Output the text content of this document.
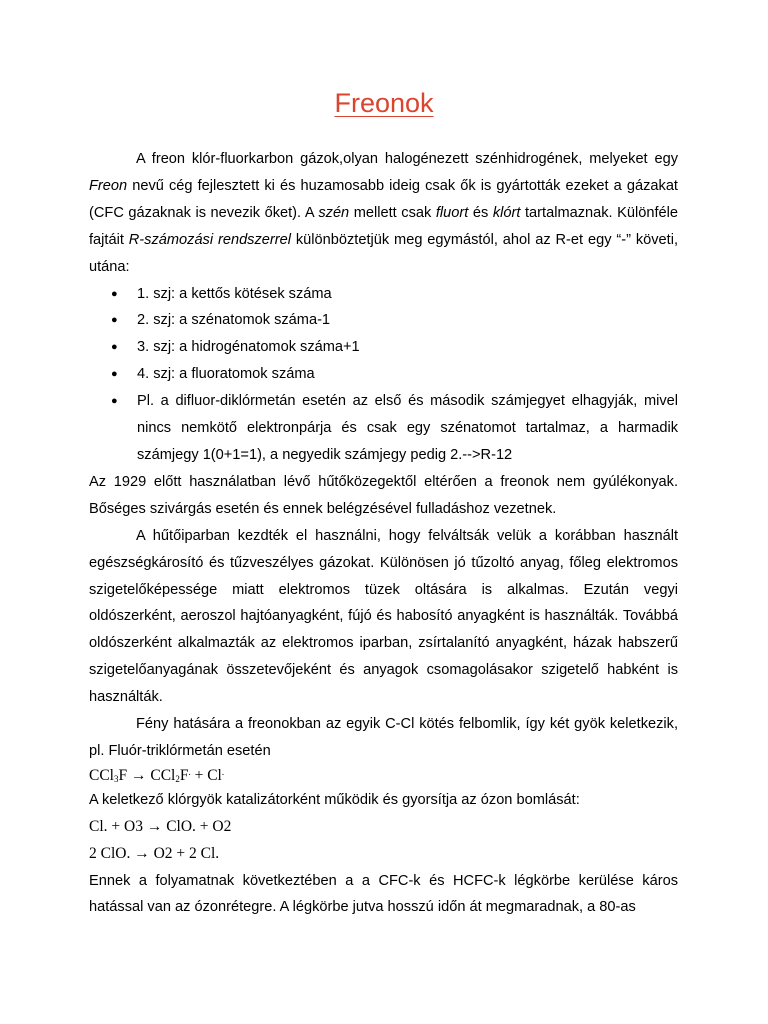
Freonok

A freon klór-fluorkarbon gázok,olyan halogénezett szénhidrogének, melyeket egy Freon nevű cég fejlesztett ki és huzamosabb ideig csak ők is gyártották ezeket a gázakat (CFC gázaknak is nevezik őket). A szén mellett csak fluort és klórt tartalmaznak. Különféle fajtáit R-számozási rendszerrel különböztetjük meg egymástól, ahol az R-et egy “-” követi, utána:

● 1. szj: a kettős kötések száma
● 2. szj: a szénatomok száma-1
● 3. szj: a hidrogénatomok száma+1
● 4. szj: a fluoratomok száma
● Pl. a difluor-diklórmetán esetén az első és második számjegyet elhagyják, mivel nincs nemkötő elektronpárja és csak egy szénatomot tartalmaz, a harmadik számjegy 1(0+1=1), a negyedik számjegy pedig 2.-->R-12

Az 1929 előtt használatban lévő hűtőközegektől eltérően a freonok nem gyúlékonyak. Bőséges szivárgás esetén és ennek belégzésével fulladáshoz vezetnek.

A hűtőiparban kezdték el használni, hogy felváltsák velük a korábban használt egészségkárosító és tűzveszélyes gázokat. Különösen jó tűzoltó anyag, főleg elektromos szigetelőképessége miatt elektromos tüzek oltására is alkalmas. Ezután vegyi oldószerként, aeroszol hajtóanyagként, fújó és habosító anyagként is használták. Továbbá oldószerként alkalmazták az elektromos iparban, zsírtalanító anyagként, házak habszerű szigetelőanyagának összetevőjeként és anyagok csomagolásakor szigetelő habként is használták.

Fény hatására a freonokban az egyik C-Cl kötés felbomlik, így két gyök keletkezik, pl. Fluór-triklórmetán esetén

CCl$_3$F → CCl$_2$F. + Cl.

A keletkező klórgyök katalizátorként működik és gyorsítja az ózon bomlását:

Cl. + O3 → ClO. + O2

2 ClO. → O2 + 2 Cl.

Ennek a folyamatnak következtében a a CFC-k és HCFC-k légkörbe kerülése káros hatással van az ózonrétegre. A légkörbe jutva hosszú időn át megmaradnak, a 80-as
